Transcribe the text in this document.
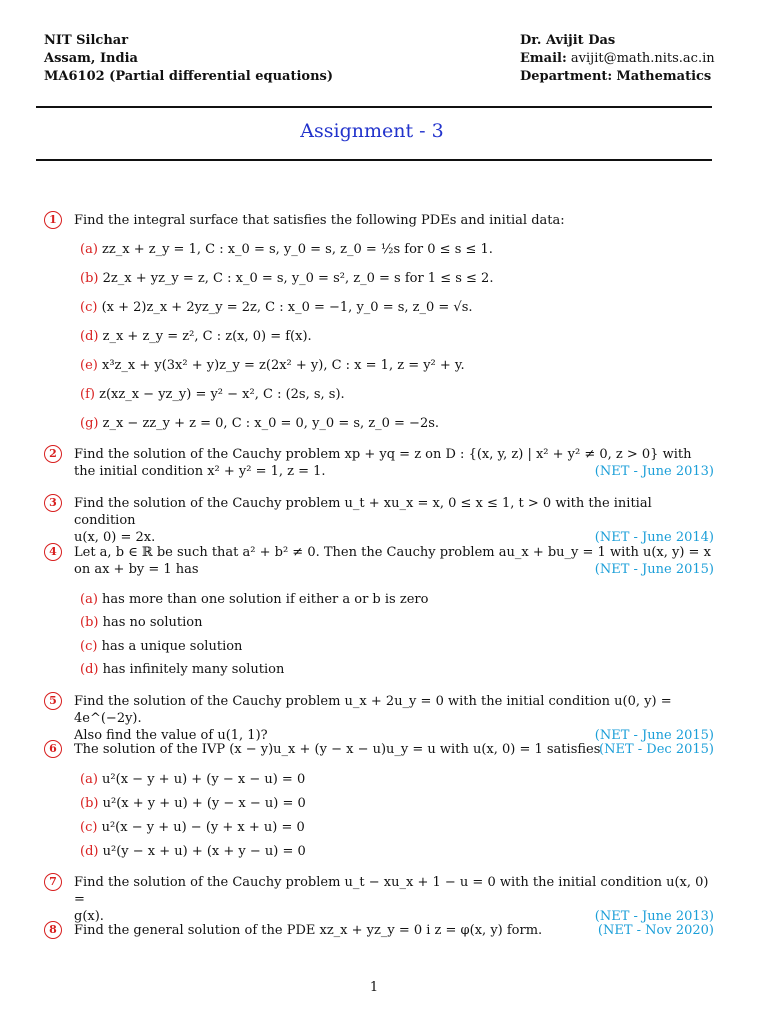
NIT Silchar
Assam, India
MA6102 (Partial differential equations)
Dr. Avijit Das
Email: avijit@math.nits.ac.in
Department: Mathematics
Assignment - 3
1	Find the integral surface that satisfies the following PDEs and initial data:
(a) zz_x + z_y = 1, C : x_0 = s, y_0 = s, z_0 = ½s for 0 ≤ s ≤ 1.
(b) 2z_x + yz_y = z, C : x_0 = s, y_0 = s², z_0 = s for 1 ≤ s ≤ 2.
(c) (x + 2)z_x + 2yz_y = 2z, C : x_0 = −1, y_0 = s, z_0 = √s.
(d) z_x + z_y = z², C : z(x, 0) = f(x).
(e) x³z_x + y(3x² + y)z_y = z(2x² + y), C : x = 1, z = y² + y.
(f) z(xz_x − yz_y) = y² − x², C : (2s, s, s).
(g) z_x − zz_y + z = 0, C : x_0 = 0, y_0 = s, z_0 = −2s.
2	Find the solution of the Cauchy problem xp + yq = z on D : {(x, y, z) | x² + y² ≠ 0, z > 0} with
the initial condition x² + y² = 1, z = 1.	(NET - June 2013)
3	Find the solution of the Cauchy problem u_t + xu_x = x, 0 ≤ x ≤ 1, t > 0 with the initial condition
u(x, 0) = 2x.	(NET - June 2014)
4	Let a, b ∈ ℝ be such that a² + b² ≠ 0. Then the Cauchy problem au_x + bu_y = 1 with u(x, y) = x
on ax + by = 1 has	(NET - June 2015)
(a) has more than one solution if either a or b is zero
(b) has no solution
(c) has a unique solution
(d) has infinitely many solution
5	Find the solution of the Cauchy problem u_x + 2u_y = 0 with the initial condition u(0, y) = 4e^(−2y).
Also find the value of u(1, 1)?	(NET - June 2015)
6	The solution of the IVP (x − y)u_x + (y − x − u)u_y = u with u(x, 0) = 1 satisfies
(NET - Dec 2015)
(a) u²(x − y + u) + (y − x − u) = 0
(b) u²(x + y + u) + (y − x − u) = 0
(c) u²(x − y + u) − (y + x + u) = 0
(d) u²(y − x + u) + (x + y − u) = 0
7	Find the solution of the Cauchy problem u_t − xu_x + 1 − u = 0 with the initial condition u(x, 0) =
g(x).	(NET - June 2013)
8	Find the general solution of the PDE xz_x + yz_y = 0 i z = φ(x, y) form.	(NET - Nov 2020)
1
